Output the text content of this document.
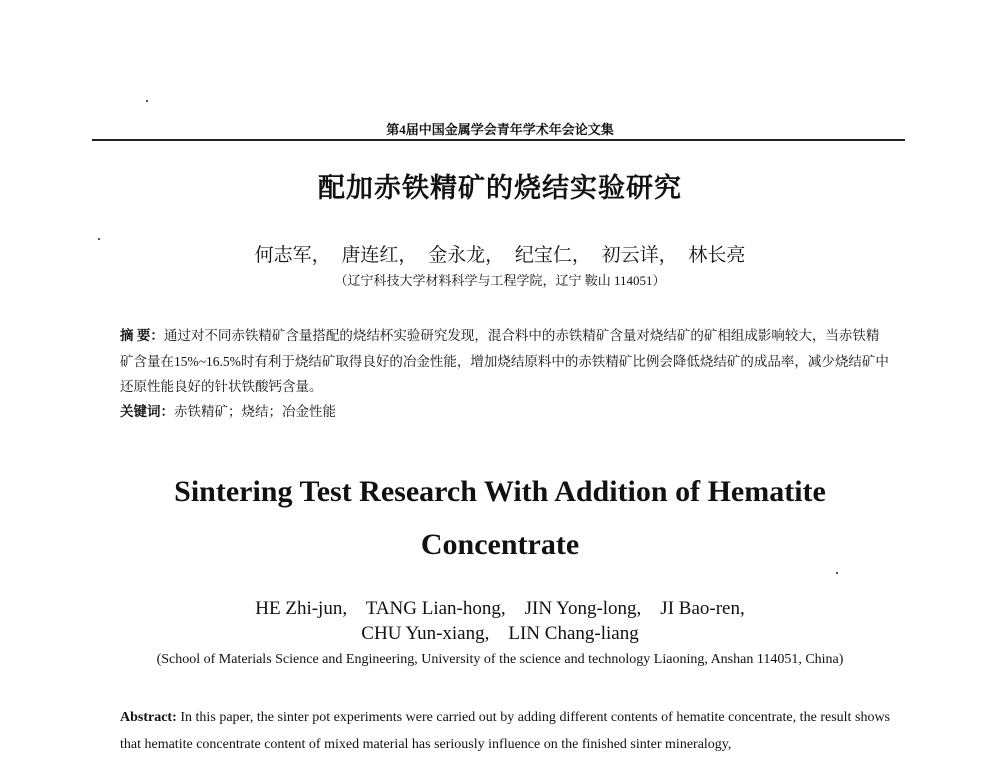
第4届中国金属学会青年学术年会论文集
配加赤铁精矿的烧结实验研究
何志军， 唐连红， 金永龙， 纪宝仁， 初云详， 林长亮
（辽宁科技大学材料科学与工程学院，辽宁 鞍山 114051）
摘 要：通过对不同赤铁精矿含量搭配的烧结杯实验研究发现，混合料中的赤铁精矿含量对烧结矿的矿相组成影响较大，当赤铁精矿含量在15%~16.5%时有利于烧结矿取得良好的冶金性能，增加烧结原料中的赤铁精矿比例会降低烧结矿的成品率，减少烧结矿中还原性能良好的针状铁酸钙含量。
关键词：赤铁精矿；烧结；冶金性能
Sintering Test Research With Addition of Hematite
Concentrate
HE Zhi-jun,    TANG Lian-hong,    JIN Yong-long,    JI Bao-ren,
CHU Yun-xiang,    LIN Chang-liang
(School of Materials Science and Engineering, University of the science and technology Liaoning, Anshan 114051, China)
Abstract: In this paper, the sinter pot experiments were carried out by adding different contents of hematite concentrate, the result shows that hematite concentrate content of mixed material has seriously influence on the finished sinter mineralogy,
